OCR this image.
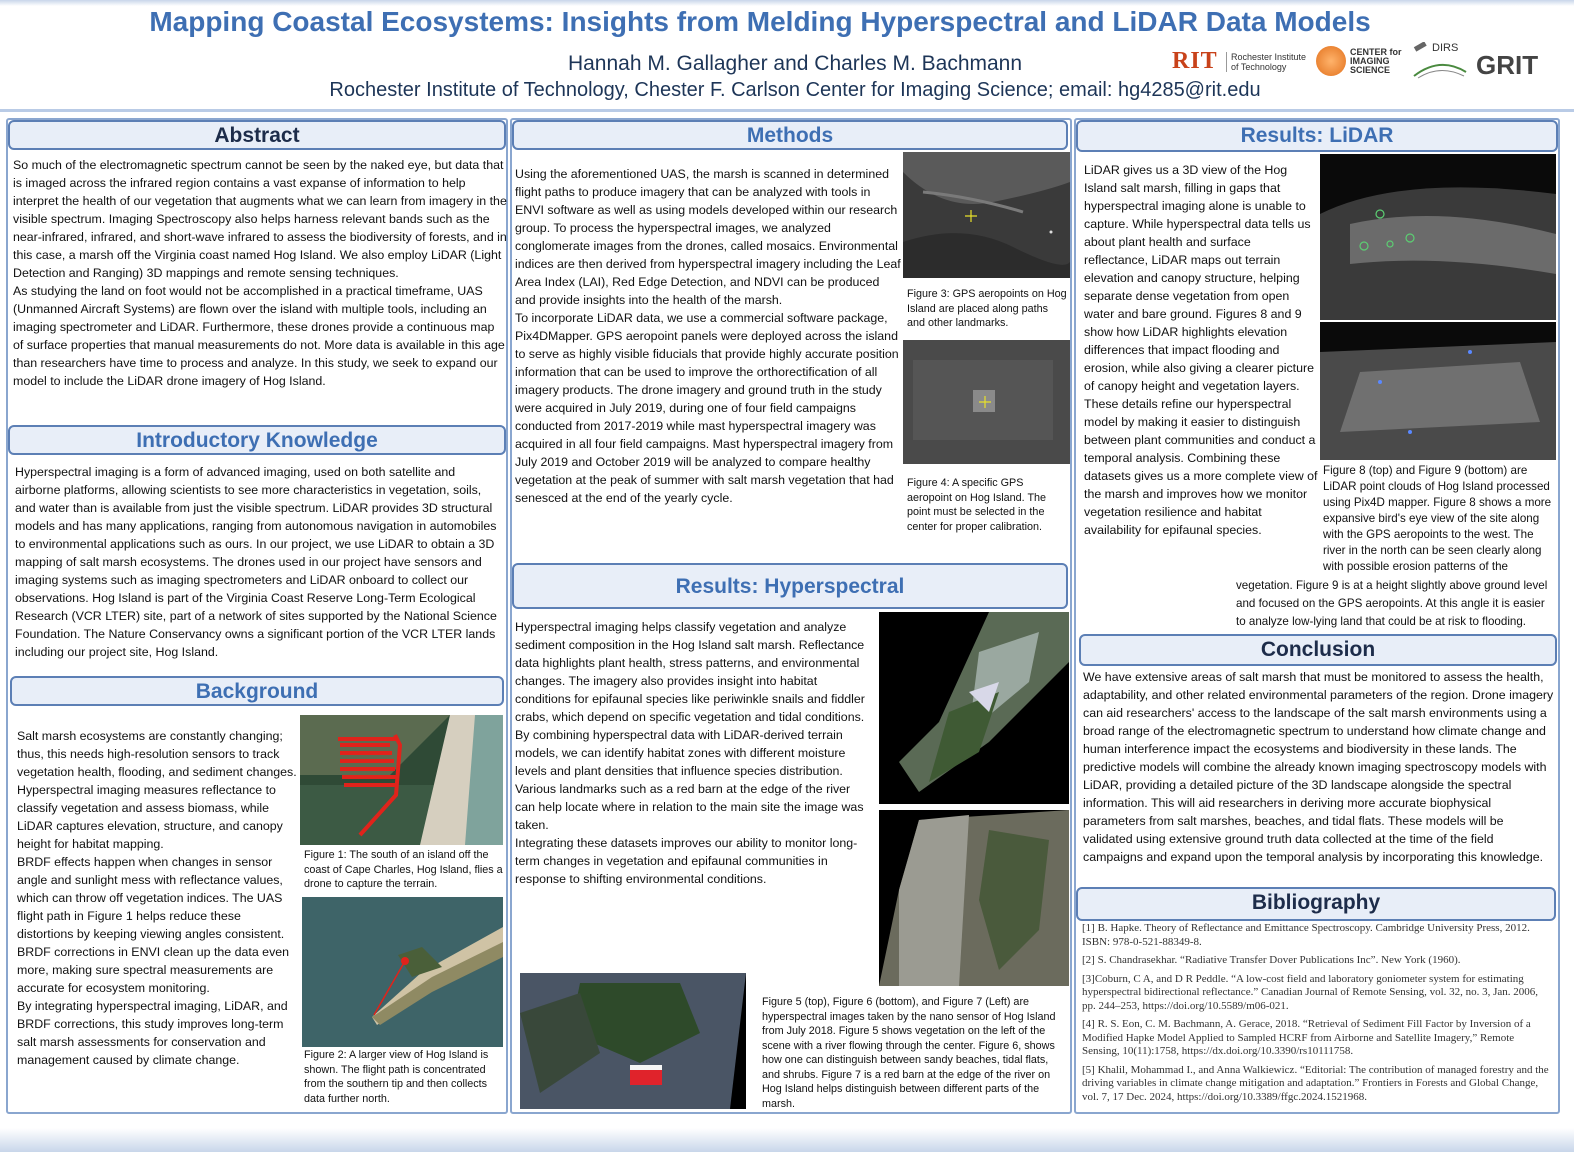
Mapping Coastal Ecosystems: Insights from Melding Hyperspectral and LiDAR Data Models
Hannah M. Gallagher and Charles M. Bachmann
Rochester Institute of Technology, Chester F. Carlson Center for Imaging Science; email: hg4285@rit.edu
RIT	Rochester Institute
of Technology
CENTER for
IMAGING
SCIENCE
DIRS
GRIT
Abstract

So much of the electromagnetic spectrum cannot be seen by the naked eye, but data that is imaged across the infrared region contains a vast expanse of information to help interpret the health of our vegetation that augments what we can learn from imagery in the visible spectrum. Imaging Spectroscopy also helps harness relevant bands such as the near-infrared, infrared, and short-wave infrared to assess the biodiversity of forests, and in this case, a marsh off the Virginia coast named Hog Island. We also employ LiDAR (Light Detection and Ranging) 3D mappings and remote sensing techniques.

As studying the land on foot would not be accomplished in a practical timeframe, UAS (Unmanned Aircraft Systems) are flown over the island with multiple tools, including an imaging spectrometer and LiDAR. Furthermore, these drones provide a continuous map of surface properties that manual measurements do not. More data is available in this age than researchers have time to process and analyze. In this study, we seek to expand our model to include the LiDAR drone imagery of Hog Island.

Introductory Knowledge
Hyperspectral imaging is a form of advanced imaging, used on both satellite and airborne platforms, allowing scientists to see more characteristics in vegetation, soils, and water than is available from just the visible spectrum. LiDAR provides 3D structural models and has many applications, ranging from autonomous navigation in automobiles to environmental applications such as ours. In our project, we use LiDAR to obtain a 3D mapping of salt marsh ecosystems. The drones used in our project have sensors and imaging systems such as imaging spectrometers and LiDAR onboard to collect our observations. Hog Island is part of the Virginia Coast Reserve Long-Term Ecological Research (VCR LTER) site, part of a network of sites supported by the National Science Foundation. The Nature Conservancy owns a significant portion of the VCR LTER lands including our project site, Hog Island.
Background

Salt marsh ecosystems are constantly changing; thus, this needs high-resolution sensors to track vegetation health, flooding, and sediment changes. Hyperspectral imaging measures reflectance to classify vegetation and assess biomass, while LiDAR captures elevation, structure, and canopy height for habitat mapping.

BRDF effects happen when changes in sensor angle and sunlight mess with reflectance values, which can throw off vegetation indices. The UAS flight path in Figure 1 helps reduce these distortions by keeping viewing angles consistent. BRDF corrections in ENVI clean up the data even more, making sure spectral measurements are accurate for ecosystem monitoring.

By integrating hyperspectral imaging, LiDAR, and BRDF corrections, this study improves long-term salt marsh assessments for conservation and management caused by climate change.

Figure 1: The south of an island off the coast of Cape Charles, Hog Island, flies a drone to capture the terrain.
Figure 2: A larger view of Hog Island is shown. The flight path is concentrated from the southern tip and then collects data further north.
Methods

Using the aforementioned UAS, the marsh is scanned in determined flight paths to produce imagery that can be analyzed with tools in ENVI software as well as using models developed within our research group. To process the hyperspectral images, we analyzed conglomerate images from the drones, called mosaics. Environmental indices are then derived from hyperspectral imagery including the Leaf Area Index (LAI), Red Edge Detection, and NDVI can be produced and provide insights into the health of the marsh.

To incorporate LiDAR data, we use a commercial software package, Pix4DMapper. GPS aeropoint panels were deployed across the island to serve as highly visible fiducials that provide highly accurate position information that can be used to improve the orthorectification of all imagery products. The drone imagery and ground truth in the study were acquired in July 2019, during one of four field campaigns conducted from 2017-2019 while mast hyperspectral imagery was acquired in all four field campaigns. Mast hyperspectral imagery from July 2019 and October 2019 will be analyzed to compare healthy vegetation at the peak of summer with salt marsh vegetation that had senesced at the end of the yearly cycle.

Figure 3: GPS aeropoints on Hog Island are placed along paths and other landmarks.
Figure 4: A specific GPS aeropoint on Hog Island. The point must be selected in the center for proper calibration.
Results: Hyperspectral

Hyperspectral imaging helps classify vegetation and analyze sediment composition in the Hog Island salt marsh. Reflectance data highlights plant health, stress patterns, and environmental changes. The imagery also provides insight into habitat conditions for epifaunal species like periwinkle snails and fiddler crabs, which depend on specific vegetation and tidal conditions.

By combining hyperspectral data with LiDAR-derived terrain models, we can identify habitat zones with different moisture levels and plant densities that influence species distribution. Various landmarks such as a red barn at the edge of the river can help locate where in relation to the main site the image was taken.

Integrating these datasets improves our ability to monitor long-term changes in vegetation and epifaunal communities in response to shifting environmental conditions.

Figure 5 (top), Figure 6 (bottom), and Figure 7 (Left) are hyperspectral images taken by the nano sensor of Hog Island from July 2018. Figure 5 shows vegetation on the left of the scene with a river flowing through the center. Figure 6, shows how one can distinguish between sandy beaches, tidal flats, and shrubs. Figure 7 is a red barn at the edge of the river on Hog Island helps distinguish between different parts of the marsh.
Results: LiDAR
LiDAR gives us a 3D view of the Hog Island salt marsh, filling in gaps that hyperspectral imaging alone is unable to capture. While hyperspectral data tells us about plant health and surface reflectance, LiDAR maps out terrain elevation and canopy structure, helping separate dense vegetation from open water and bare ground. Figures 8 and 9 show how LiDAR highlights elevation differences that impact flooding and erosion, while also giving a clearer picture of canopy height and vegetation layers. These details refine our hyperspectral model by making it easier to distinguish between plant communities and conduct a temporal analysis. Combining these datasets gives us a more complete view of the marsh and improves how we monitor vegetation resilience and habitat availability for epifaunal species.
Figure 8 (top) and Figure 9 (bottom) are LiDAR point clouds of Hog Island processed using Pix4D mapper. Figure 8 shows a more expansive bird's eye view of the site along with the GPS aeropoints to the west. The river in the north can be seen clearly along with possible erosion patterns of the
vegetation. Figure 9 is at a height slightly above ground level and focused on the GPS aeropoints. At this angle it is easier to analyze low-lying land that could be at risk to flooding.
Conclusion
We have extensive areas of salt marsh that must be monitored to assess the health, adaptability, and other related environmental parameters of the region. Drone imagery can aid researchers' access to the landscape of the salt marsh environments using a broad range of the electromagnetic spectrum to understand how climate change and human interference impact the ecosystems and biodiversity in these lands. The predictive models will combine the already known imaging spectroscopy models with LiDAR, providing a detailed picture of the 3D landscape alongside the spectral information. This will aid researchers in deriving more accurate biophysical parameters from salt marshes, beaches, and tidal flats. These models will be validated using extensive ground truth data collected at the time of the field campaigns and expand upon the temporal analysis by incorporating this knowledge.
Bibliography

[1] B. Hapke. Theory of Reflectance and Emittance Spectroscopy. Cambridge University Press, 2012. ISBN: 978-0-521-88349-8.

[2] S. Chandrasekhar. “Radiative Transfer Dover Publications Inc”. New York (1960).

[3]Coburn, C A, and D R Peddle. “A low-cost field and laboratory goniometer system for estimating hyperspectral bidirectional reflectance.” Canadian Journal of Remote Sensing, vol. 32, no. 3, Jan. 2006, pp. 244–253, https://doi.org/10.5589/m06-021.

[4] R. S. Eon, C. M. Bachmann, A. Gerace, 2018. “Retrieval of Sediment Fill Factor by Inversion of a Modified Hapke Model Applied to Sampled HCRF from Airborne and Satellite Imagery,” Remote Sensing, 10(11):1758, https://dx.doi.org/10.3390/rs10111758.

[5] Khalil, Mohammad I., and Anna Walkiewicz. “Editorial: The contribution of managed forestry and the driving variables in climate change mitigation and adaptation.” Frontiers in Forests and Global Change, vol. 7, 17 Dec. 2024, https://doi.org/10.3389/ffgc.2024.1521968.
